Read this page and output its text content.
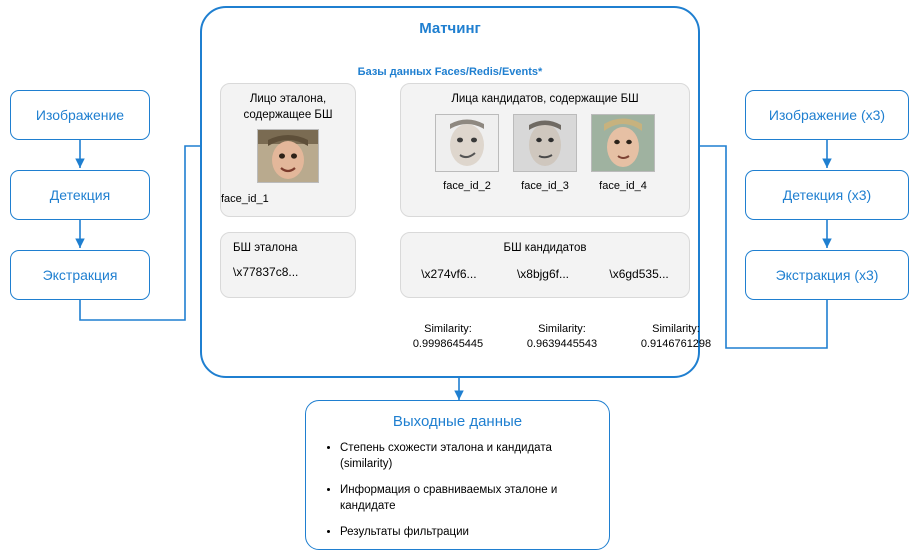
Изображение
Детекция
Экстракция
Изображение (х3)
Детекция (х3)
Экстракция (х3)
Матчинг
Базы данных Faces/Redis/Events*
Лицо эталона,
содержащее БШ
face_id_1
Лица кандидатов, содержащие БШ
face_id_2	face_id_3	face_id_4
БШ эталона
\x77837c8...
БШ кандидатов
\x274vf6...	\x8bjg6f...	\x6gd535...
Similarity:
0.9998645445
Similarity:
0.9639445543
Similarity:
0.9146761298
Выходные данные
• Степень схожести эталона и кандидата (similarity)
• Информация о сравниваемых эталоне и кандидате
• Результаты фильтрации
